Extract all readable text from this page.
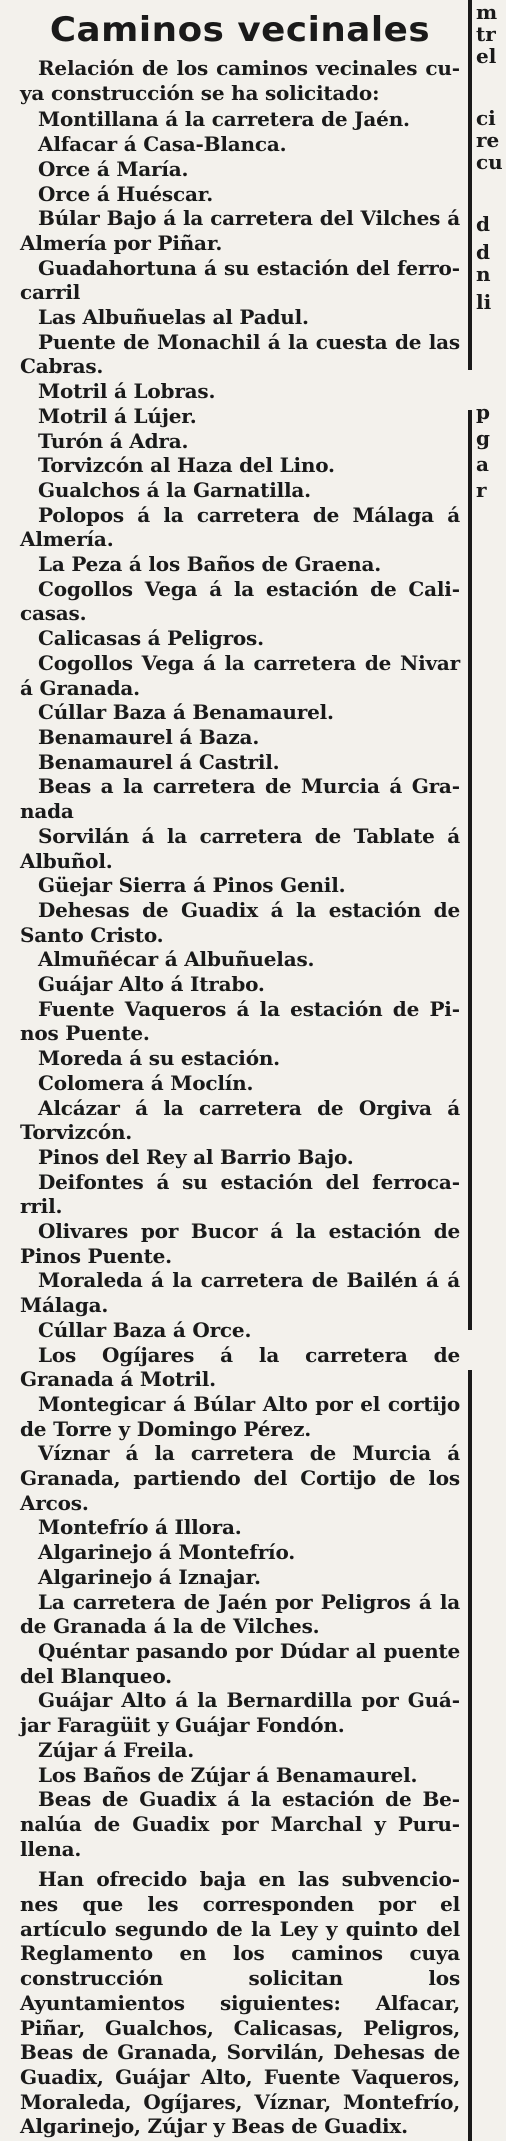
Caminos vecinales

Relación de los caminos vecinales cuya construcción se ha solicitado:

Montillana á la carretera de Jaén.

Alfacar á Casa-Blanca.

Orce á María.

Orce á Huéscar.

Búlar Bajo á la carretera del Vilches á Almería por Piñar.

Guadahortuna á su estación del ferrocarril

Las Albuñuelas al Padul.

Puente de Monachil á la cuesta de las Cabras.

Motril á Lobras.

Motril á Lújer.

Turón á Adra.

Torvizcón al Haza del Lino.

Gualchos á la Garnatilla.

Polopos á la carretera de Málaga á Almería.

La Peza á los Baños de Graena.

Cogollos Vega á la estación de Calicasas.

Calicasas á Peligros.

Cogollos Vega á la carretera de Nivar á Granada.

Cúllar Baza á Benamaurel.

Benamaurel á Baza.

Benamaurel á Castril.

Beas a la carretera de Murcia á Granada

Sorvilán á la carretera de Tablate á Albuñol.

Güejar Sierra á Pinos Genil.

Dehesas de Guadix á la estación de Santo Cristo.

Almuñécar á Albuñuelas.

Guájar Alto á Itrabo.

Fuente Vaqueros á la estación de Pinos Puente.

Moreda á su estación.

Colomera á Moclín.

Alcázar á la carretera de Orgiva á Torvizcón.

Pinos del Rey al Barrio Bajo.

Deifontes á su estación del ferrocarril.

Olivares por Bucor á la estación de Pinos Puente.

Moraleda á la carretera de Bailén á á Málaga.

Cúllar Baza á Orce.

Los Ogíjares á la carretera de Granada á Motril.

Montegicar á Búlar Alto por el cortijo de Torre y Domingo Pérez.

Víznar á la carretera de Murcia á Granada, partiendo del Cortijo de los Arcos.

Montefrío á Illora.

Algarinejo á Montefrío.

Algarinejo á Iznajar.

La carretera de Jaén por Peligros á la de Granada á la de Vilches.

Quéntar pasando por Dúdar al puente del Blanqueo.

Guájar Alto á la Bernardilla por Guájar Faragüit y Guájar Fondón.

Zújar á Freila.

Los Baños de Zújar á Benamaurel.

Beas de Guadix á la estación de Benalúa de Guadix por Marchal y Purullena.

Han ofrecido baja en las subvenciones que les corresponden por el artículo segundo de la Ley y quinto del Reglamento en los caminos cuya construcción solicitan los Ayuntamientos siguientes: Alfacar, Piñar, Gualchos, Calicasas, Peligros, Beas de Granada, Sorvilán, Dehesas de Guadix, Guájar Alto, Fuente Vaqueros, Moraleda, Ogíjares, Víznar, Montefrío, Algarinejo, Zújar y Beas de Guadix.

m
tr
el
ci
re
cu
d
d
n
li
p
g
a
r
